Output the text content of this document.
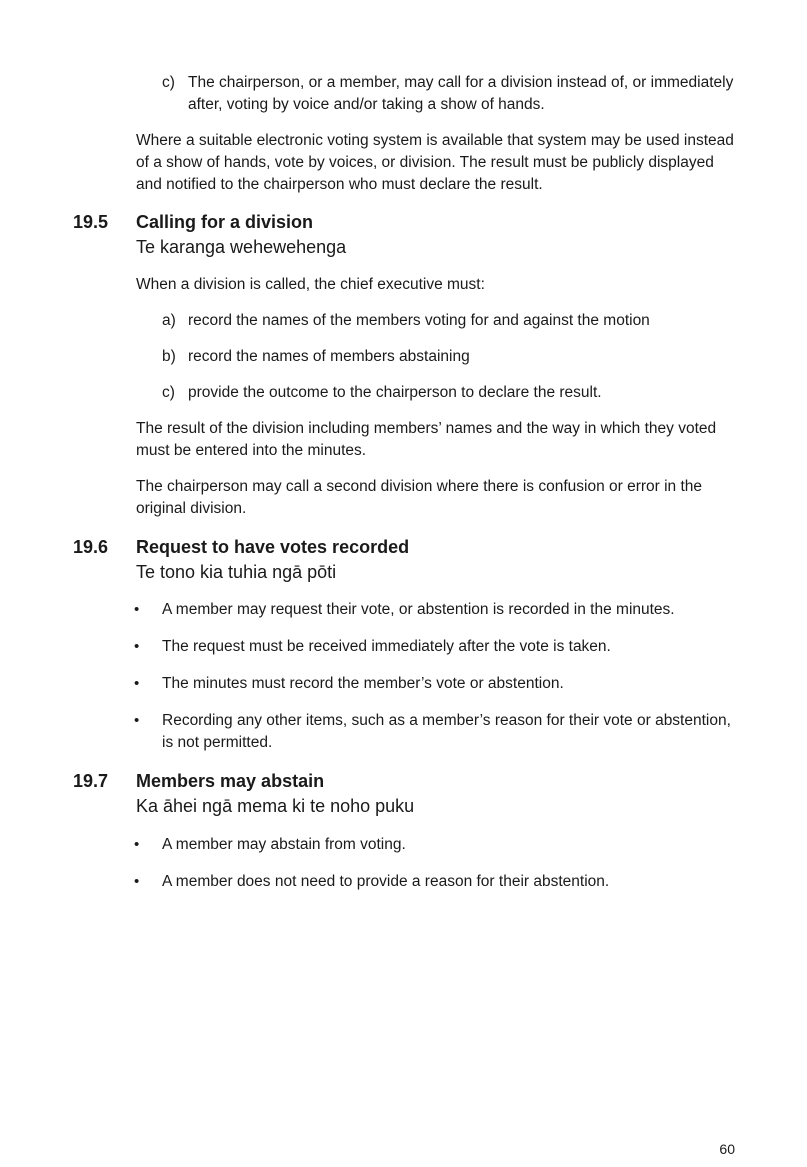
c) The chairperson, or a member, may call for a division instead of, or immediately after, voting by voice and/or taking a show of hands.

Where a suitable electronic voting system is available that system may be used instead of a show of hands, vote by voices, or division. The result must be publicly displayed and notified to the chairperson who must declare the result.

19.5 Calling for a division
Te karanga wehewehenga

When a division is called, the chief executive must:

a) record the names of the members voting for and against the motion

b) record the names of members abstaining

c) provide the outcome to the chairperson to declare the result.

The result of the division including members’ names and the way in which they voted must be entered into the minutes.

The chairperson may call a second division where there is confusion or error in the original division.

19.6 Request to have votes recorded
Te tono kia tuhia ngā pōti
•	A member may request their vote, or abstention is recorded in the minutes.

•	The request must be received immediately after the vote is taken.

•	The minutes must record the member’s vote or abstention.

•	Recording any other items, such as a member’s reason for their vote or abstention, is not permitted.

19.7 Members may abstain
Ka āhei ngā mema ki te noho puku
•	A member may abstain from voting.

•	A member does not need to provide a reason for their abstention.

60
